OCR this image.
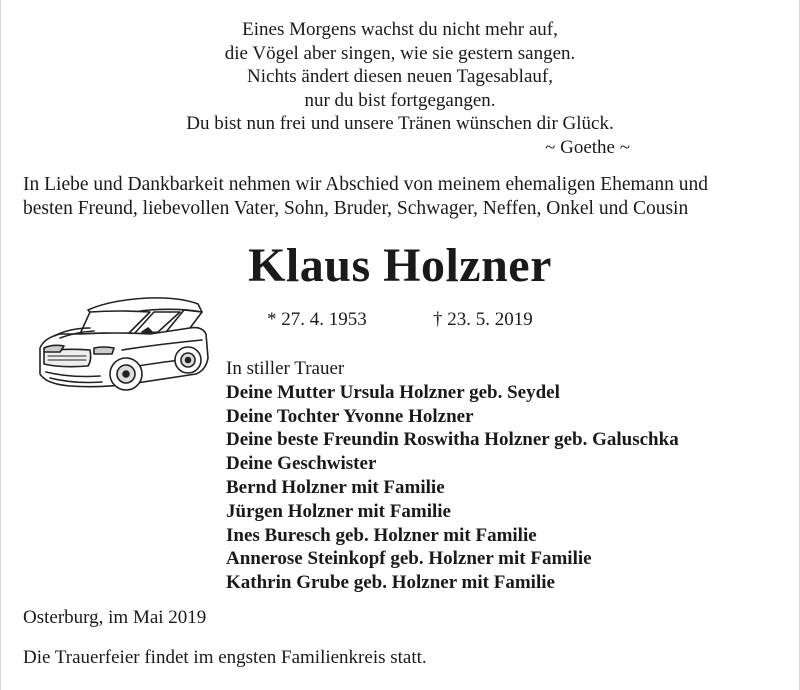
Eines Morgens wachst du nicht mehr auf,
die Vögel aber singen, wie sie gestern sangen.
Nichts ändert diesen neuen Tagesablauf,
nur du bist fortgegangen.
Du bist nun frei und unsere Tränen wünschen dir Glück.
~ Goethe ~
In Liebe und Dankbarkeit nehmen wir Abschied von meinem ehemaligen Ehemann und
besten Freund, liebevollen Vater, Sohn, Bruder, Schwager, Neffen, Onkel und Cousin
Klaus Holzner
* 27. 4. 1953	† 23. 5. 2019
In stiller Trauer
Deine Mutter Ursula Holzner geb. Seydel
Deine Tochter Yvonne Holzner
Deine beste Freundin Roswitha Holzner geb. Galuschka
Deine Geschwister
Bernd Holzner mit Familie
Jürgen Holzner mit Familie
Ines Buresch geb. Holzner mit Familie
Annerose Steinkopf geb. Holzner mit Familie
Kathrin Grube geb. Holzner mit Familie
Osterburg, im Mai 2019
Die Trauerfeier findet im engsten Familienkreis statt.
